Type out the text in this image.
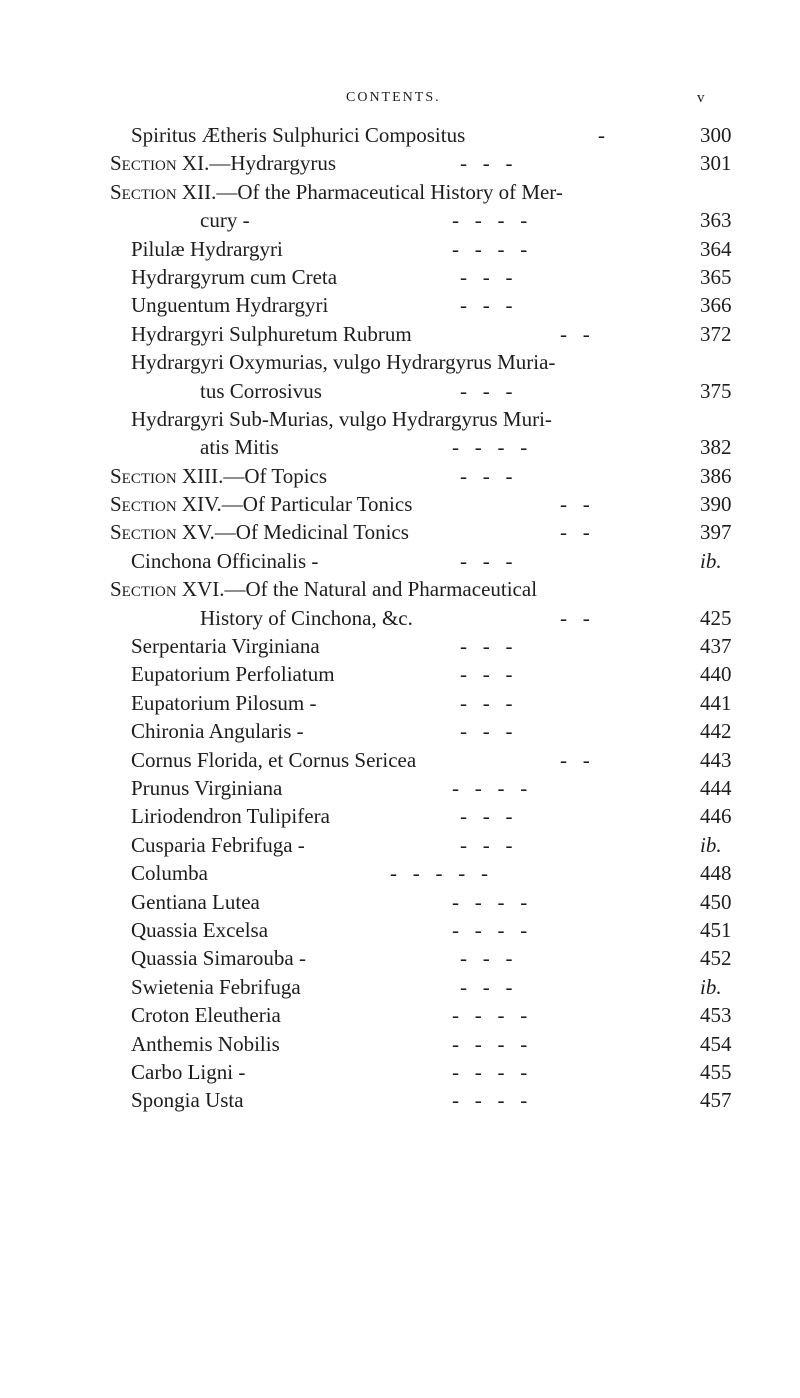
CONTENTS.	v
Spiritus Ætheris Sulphurici Compositus	-	300
Section XI.—Hydrargyrus	-   -   -	301
Section XII.—Of the Pharmaceutical History of Mer-
cury -	-   -   -   -	363
Pilulæ Hydrargyri	-   -   -   -	364
Hydrargyrum cum Creta	-   -   -	365
Unguentum Hydrargyri	-   -   -	366
Hydrargyri Sulphuretum Rubrum	-   -	372
Hydrargyri Oxymurias, vulgo Hydrargyrus Muria-
tus Corrosivus	-   -   -	375
Hydrargyri Sub-Murias, vulgo Hydrargyrus Muri-
atis Mitis	-   -   -   -	382
Section XIII.—Of Topics	-   -   -	386
Section XIV.—Of Particular Tonics	-   -	390
Section XV.—Of Medicinal Tonics	-   -	397
Cinchona Officinalis -	-   -   -	ib.
Section XVI.—Of the Natural and Pharmaceutical
History of Cinchona, &c.	-   -	425
Serpentaria Virginiana	-   -   -	437
Eupatorium Perfoliatum	-   -   -	440
Eupatorium Pilosum -	-   -   -	441
Chironia Angularis -	-   -   -	442
Cornus Florida, et Cornus Sericea	-   -	443
Prunus Virginiana	-   -   -   -	444
Liriodendron Tulipifera	-   -   -	446
Cusparia Febrifuga -	-   -   -	ib.
Columba	-   -   -   -   -	448
Gentiana Lutea	-   -   -   -	450
Quassia Excelsa	-   -   -   -	451
Quassia Simarouba -	-   -   -	452
Swietenia Febrifuga	-   -   -	ib.
Croton Eleutheria	-   -   -   -	453
Anthemis Nobilis	-   -   -   -	454
Carbo Ligni -	-   -   -   -	455
Spongia Usta	-   -   -   -	457
